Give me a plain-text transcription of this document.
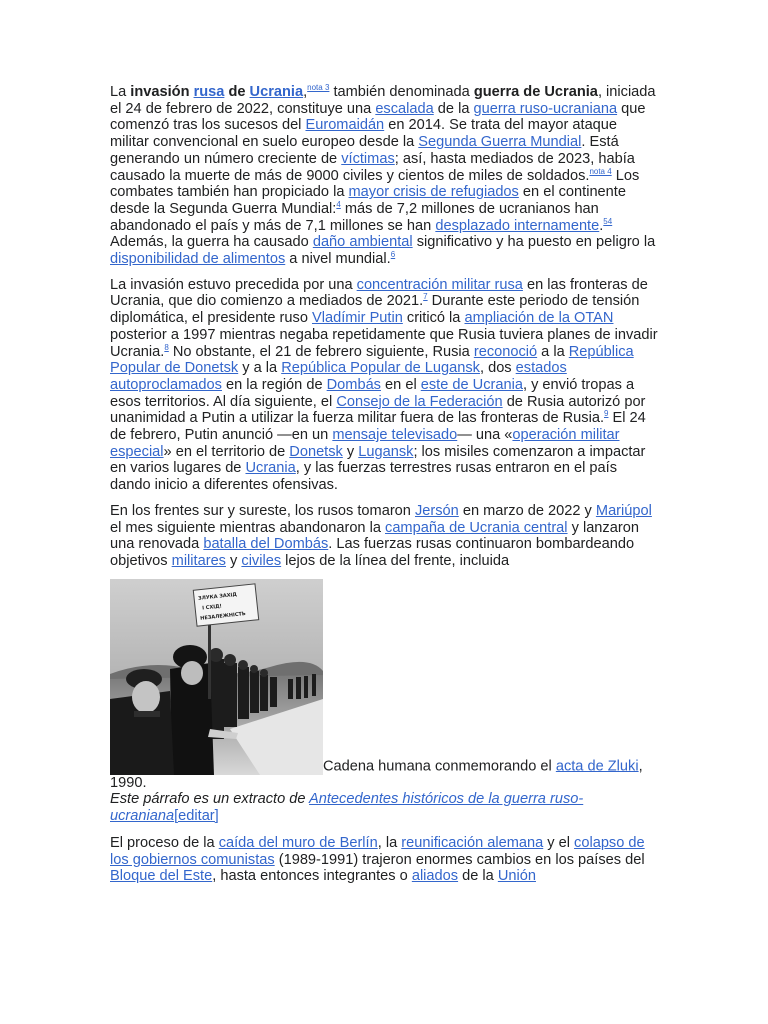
La invasión rusa de Ucrania,$^{nota 3}$ también denominada guerra de Ucrania, iniciada el 24 de febrero de 2022, constituye una escalada de la guerra ruso-ucraniana que comenzó tras los sucesos del Euromaidán en 2014. Se trata del mayor ataque militar convencional en suelo europeo desde la Segunda Guerra Mundial. Está generando un número creciente de víctimas; así, hasta mediados de 2023, había causado la muerte de más de 9000 civiles y cientos de miles de soldados.$^{nota 4}$ Los combates también han propiciado la mayor crisis de refugiados en el continente desde la Segunda Guerra Mundial:$^4$ más de 7,2 millones de ucranianos han abandonado el país y más de 7,1 millones se han desplazado internamente.$^{54}$ Además, la guerra ha causado daño ambiental significativo y ha puesto en peligro la disponibilidad de alimentos a nivel mundial.$^6$

La invasión estuvo precedida por una concentración militar rusa en las fronteras de Ucrania, que dio comienzo a mediados de 2021.$^7$ Durante este periodo de tensión diplomática, el presidente ruso Vladímir Putin criticó la ampliación de la OTAN posterior a 1997 mientras negaba repetidamente que Rusia tuviera planes de invadir Ucrania.$^8$ No obstante, el 21 de febrero siguiente, Rusia reconoció a la República Popular de Donetsk y a la República Popular de Lugansk, dos estados autoproclamados en la región de Dombás en el este de Ucrania, y envió tropas a esos territorios. Al día siguiente, el Consejo de la Federación de Rusia autorizó por unanimidad a Putin a utilizar la fuerza militar fuera de las fronteras de Rusia.$^9$ El 24 de febrero, Putin anunció —en un mensaje televisado— una «operación militar especial» en el territorio de Donetsk y Lugansk; los misiles comenzaron a impactar en varios lugares de Ucrania, y las fuerzas terrestres rusas entraron en el país dando inicio a diferentes ofensivas.

En los frentes sur y sureste, los rusos tomaron Jersón en marzo de 2022 y Mariúpol el mes siguiente mientras abandonaron la campaña de Ucrania central y lanzaron una renovada batalla del Dombás. Las fuerzas rusas continuaron bombardeando objetivos militares y civiles lejos de la línea del frente, incluida

ЗЛУКА ЗАХІД
І СХІД!
НЕЗАЛЕЖНІСТЬ
Cadena humana conmemorando el acta de Zluki, 1990.

Este párrafo es un extracto de Antecedentes históricos de la guerra ruso-ucraniana[editar]

El proceso de la caída del muro de Berlín, la reunificación alemana y el colapso de los gobiernos comunistas (1989-1991) trajeron enormes cambios en los países del Bloque del Este, hasta entonces integrantes o aliados de la Unión
